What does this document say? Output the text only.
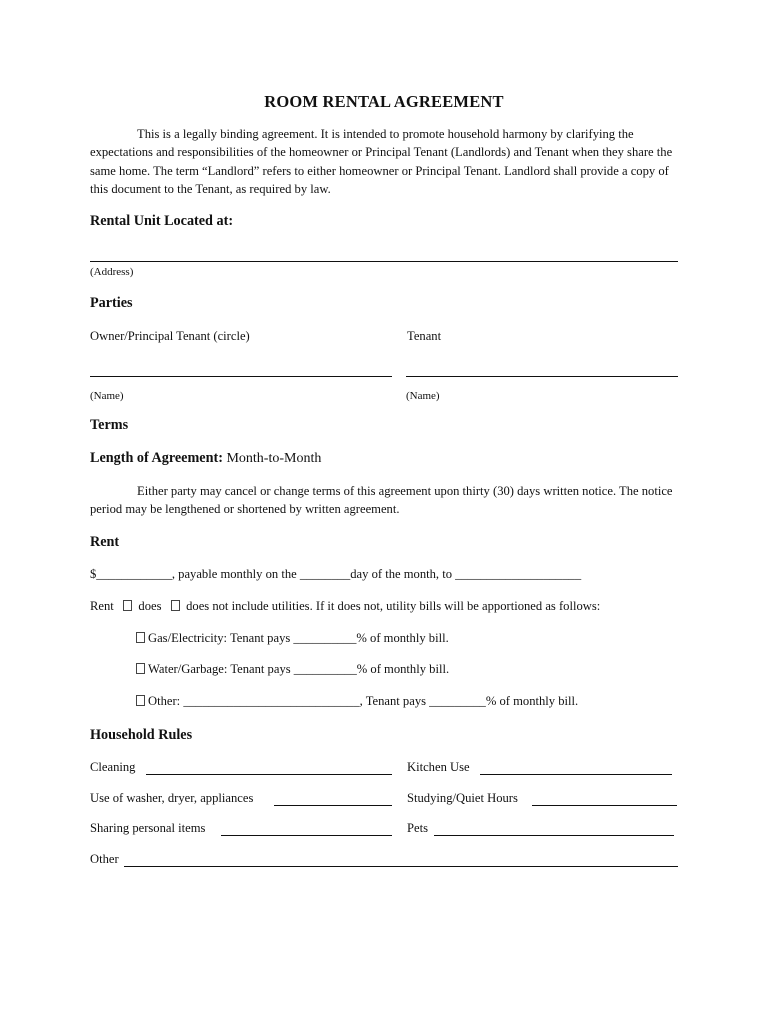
ROOM RENTAL AGREEMENT
This is a legally binding agreement. It is intended to promote household harmony by clarifying the expectations and responsibilities of the homeowner or Principal Tenant (Landlords) and Tenant when they share the same home. The term “Landlord” refers to either homeowner or Principal Tenant. Landlord shall provide a copy of this document to the Tenant, as required by law.
Rental Unit Located at:
(Address)
Parties
Owner/Principal Tenant (circle)	Tenant
(Name)	(Name)
Terms
Length of Agreement: Month-to-Month
Either party may cancel or change terms of this agreement upon thirty (30) days written notice. The notice period may be lengthened or shortened by written agreement.
Rent
$____________, payable monthly on the ________day of the month, to ____________________
Rent does does not include utilities. If it does not, utility bills will be apportioned as follows:
Gas/Electricity: Tenant pays __________% of monthly bill.
Water/Garbage: Tenant pays __________% of monthly bill.
Other: ____________________________, Tenant pays _________% of monthly bill.
Household Rules
Cleaning	Kitchen Use
Use of washer, dryer, appliances	Studying/Quiet Hours
Sharing personal items	Pets
Other
